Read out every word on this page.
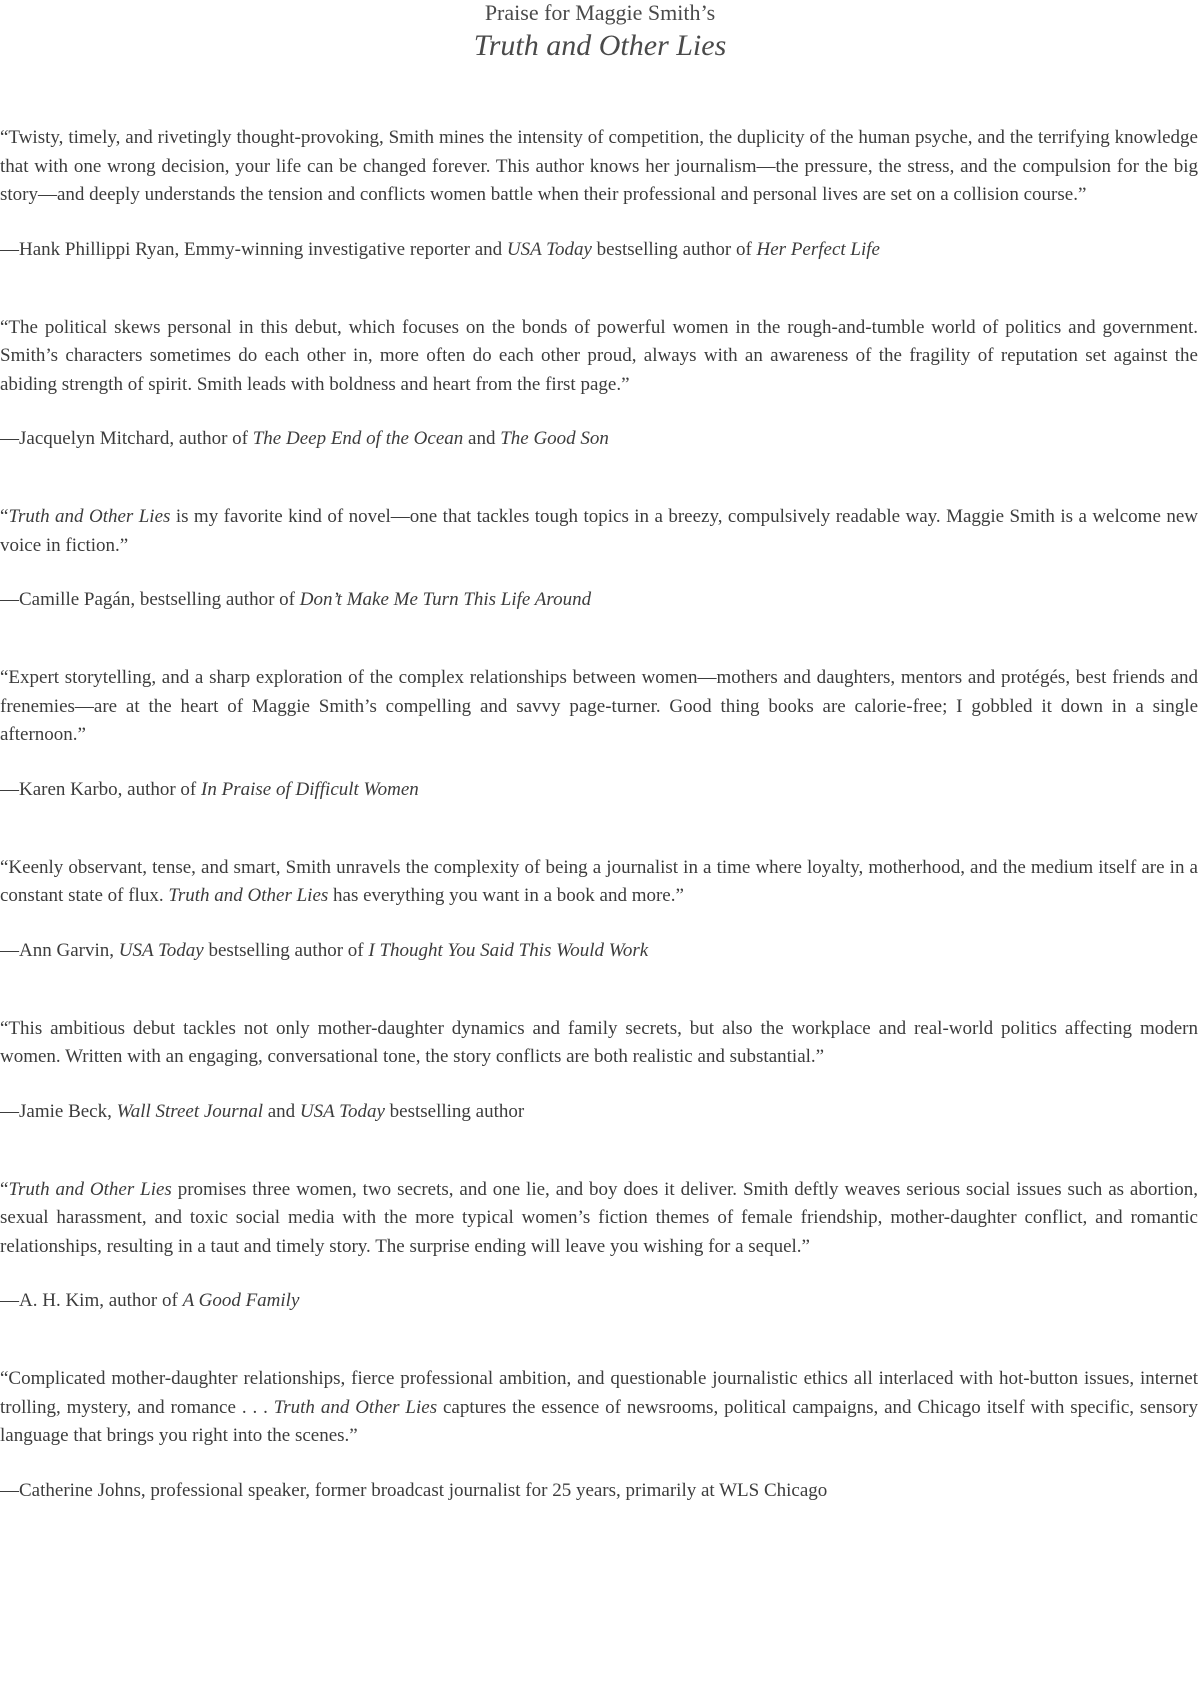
Praise for Maggie Smith’s
Truth and Other Lies

“Twisty, timely, and rivetingly thought-provoking, Smith mines the intensity of competition, the duplicity of the human psyche, and the terrifying knowledge that with one wrong decision, your life can be changed forever. This author knows her journalism—the pressure, the stress, and the compulsion for the big story—and deeply understands the tension and conflicts women battle when their professional and personal lives are set on a collision course.”

—Hank Phillippi Ryan, Emmy-winning investigative reporter and USA Today bestselling author of Her Perfect Life

“The political skews personal in this debut, which focuses on the bonds of powerful women in the rough-and-tumble world of politics and government. Smith’s characters sometimes do each other in, more often do each other proud, always with an awareness of the fragility of reputation set against the abiding strength of spirit. Smith leads with boldness and heart from the first page.”

—Jacquelyn Mitchard, author of The Deep End of the Ocean and The Good Son

“Truth and Other Lies is my favorite kind of novel—one that tackles tough topics in a breezy, compulsively readable way. Maggie Smith is a welcome new voice in fiction.”

—Camille Pagán, bestselling author of Don’t Make Me Turn This Life Around

“Expert storytelling, and a sharp exploration of the complex relationships between women—mothers and daughters, mentors and protégés, best friends and frenemies—are at the heart of Maggie Smith’s compelling and savvy page-turner. Good thing books are calorie-free; I gobbled it down in a single afternoon.”

—Karen Karbo, author of In Praise of Difficult Women

“Keenly observant, tense, and smart, Smith unravels the complexity of being a journalist in a time where loyalty, motherhood, and the medium itself are in a constant state of flux. Truth and Other Lies has everything you want in a book and more.”

—Ann Garvin, USA Today bestselling author of I Thought You Said This Would Work

“This ambitious debut tackles not only mother-daughter dynamics and family secrets, but also the workplace and real-world politics affecting modern women. Written with an engaging, conversational tone, the story conflicts are both realistic and substantial.”

—Jamie Beck, Wall Street Journal and USA Today bestselling author

“Truth and Other Lies promises three women, two secrets, and one lie, and boy does it deliver. Smith deftly weaves serious social issues such as abortion, sexual harassment, and toxic social media with the more typical women’s fiction themes of female friendship, mother-daughter conflict, and romantic relationships, resulting in a taut and timely story. The surprise ending will leave you wishing for a sequel.”

—A. H. Kim, author of A Good Family

“Complicated mother-daughter relationships, fierce professional ambition, and questionable journalistic ethics all interlaced with hot-button issues, internet trolling, mystery, and romance . . . Truth and Other Lies captures the essence of newsrooms, political campaigns, and Chicago itself with specific, sensory language that brings you right into the scenes.”

—Catherine Johns, professional speaker, former broadcast journalist for 25 years, primarily at WLS Chicago
